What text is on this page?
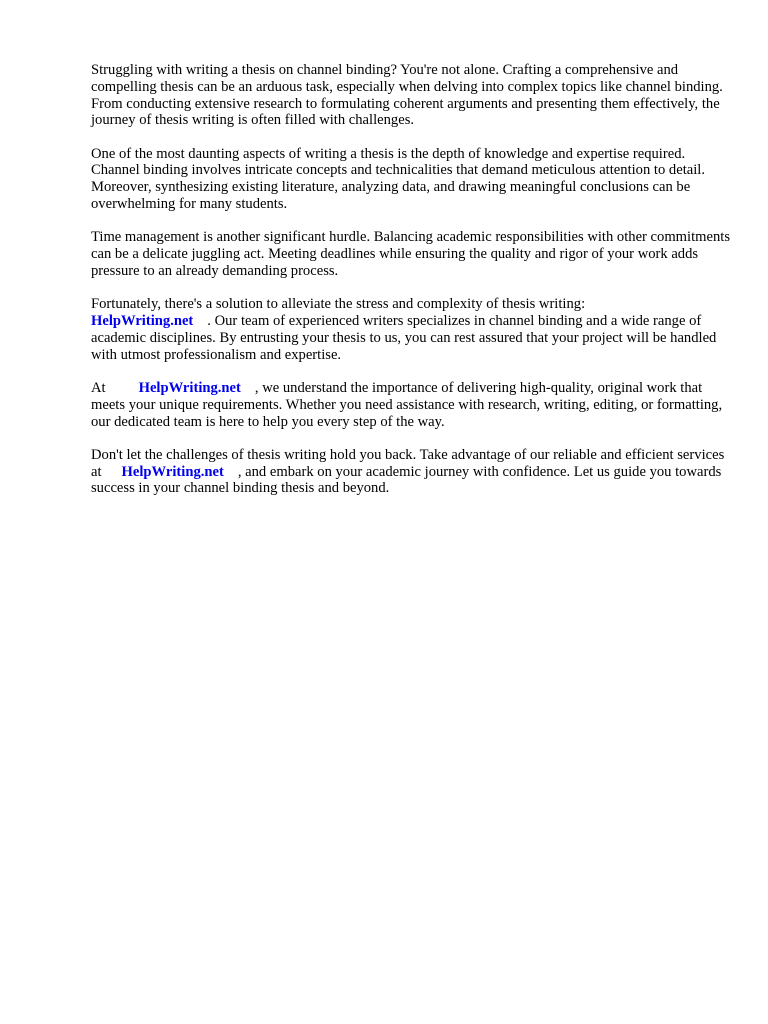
Struggling with writing a thesis on channel binding? You're not alone. Crafting a comprehensive and compelling thesis can be an arduous task, especially when delving into complex topics like channel binding. From conducting extensive research to formulating coherent arguments and presenting them effectively, the journey of thesis writing is often filled with challenges.

One of the most daunting aspects of writing a thesis is the depth of knowledge and expertise required. Channel binding involves intricate concepts and technicalities that demand meticulous attention to detail. Moreover, synthesizing existing literature, analyzing data, and drawing meaningful conclusions can be overwhelming for many students.

Time management is another significant hurdle. Balancing academic responsibilities with other commitments can be a delicate juggling act. Meeting deadlines while ensuring the quality and rigor of your work adds pressure to an already demanding process.

Fortunately, there's a solution to alleviate the stress and complexity of thesis writing:
HelpWriting.net . Our team of experienced writers specializes in channel binding and a wide range of academic disciplines. By entrusting your thesis to us, you can rest assured that your project will be handled with utmost professionalism and expertise.

At HelpWriting.net , we understand the importance of delivering high-quality, original work that meets your unique requirements. Whether you need assistance with research, writing, editing, or formatting, our dedicated team is here to help you every step of the way.

Don't let the challenges of thesis writing hold you back. Take advantage of our reliable and efficient services at HelpWriting.net , and embark on your academic journey with confidence. Let us guide you towards success in your channel binding thesis and beyond.
